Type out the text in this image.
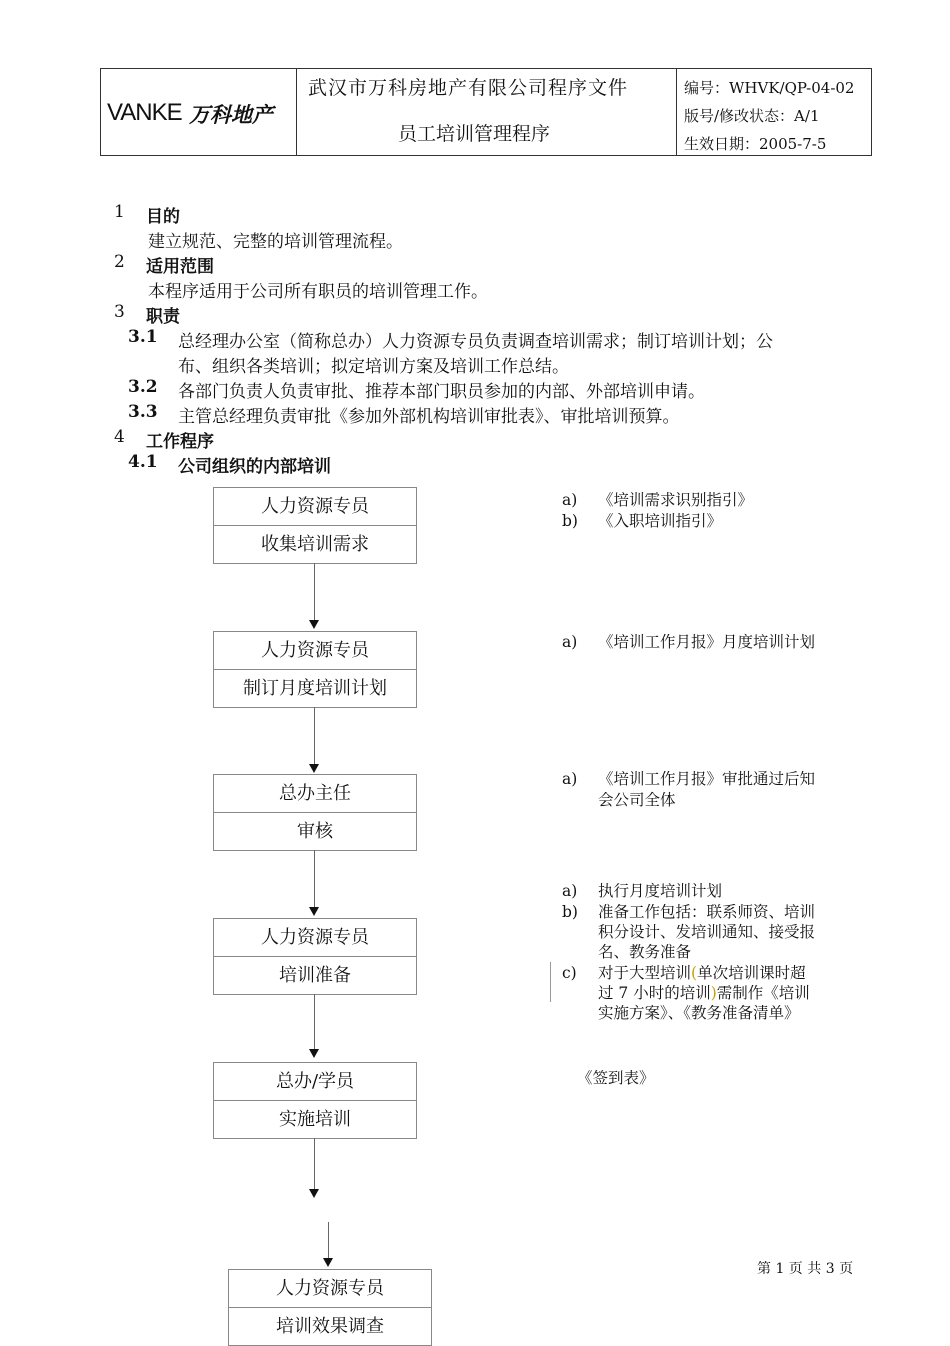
VANKE 万科地产
武汉市万科房地产有限公司程序文件
员工培训管理程序
编号：WHVK/QP-04-02
版号/修改状态：A/1
生效日期：2005-7-5
1 目的
建立规范、完整的培训管理流程。
2 适用范围
本程序适用于公司所有职员的培训管理工作。
3 职责
3.1 总经理办公室（简称总办）人力资源专员负责调查培训需求；制订培训计划；公
布、组织各类培训；拟定培训方案及培训工作总结。
3.2 各部门负责人负责审批、推荐本部门职员参加的内部、外部培训申请。
3.3 主管总经理负责审批《参加外部机构培训审批表》、审批培训预算。
4 工作程序
4.1 公司组织的内部培训
人力资源专员
收集培训需求
人力资源专员
制订月度培训计划
总办主任
审核
人力资源专员
培训准备
总办/学员
实施培训
人力资源专员
培训效果调查
a) 《培训需求识别指引》
b) 《入职培训指引》
a) 《培训工作月报》月度培训计划
a) 《培训工作月报》审批通过后知
会公司全体
a) 执行月度培训计划
b) 准备工作包括：联系师资、培训
积分设计、发培训通知、接受报
名、教务准备
c) 对于大型培训(单次培训课时超
过 7 小时的培训)需制作《培训
实施方案》、《教务准备清单》
《签到表》
第 1 页 共 3 页
